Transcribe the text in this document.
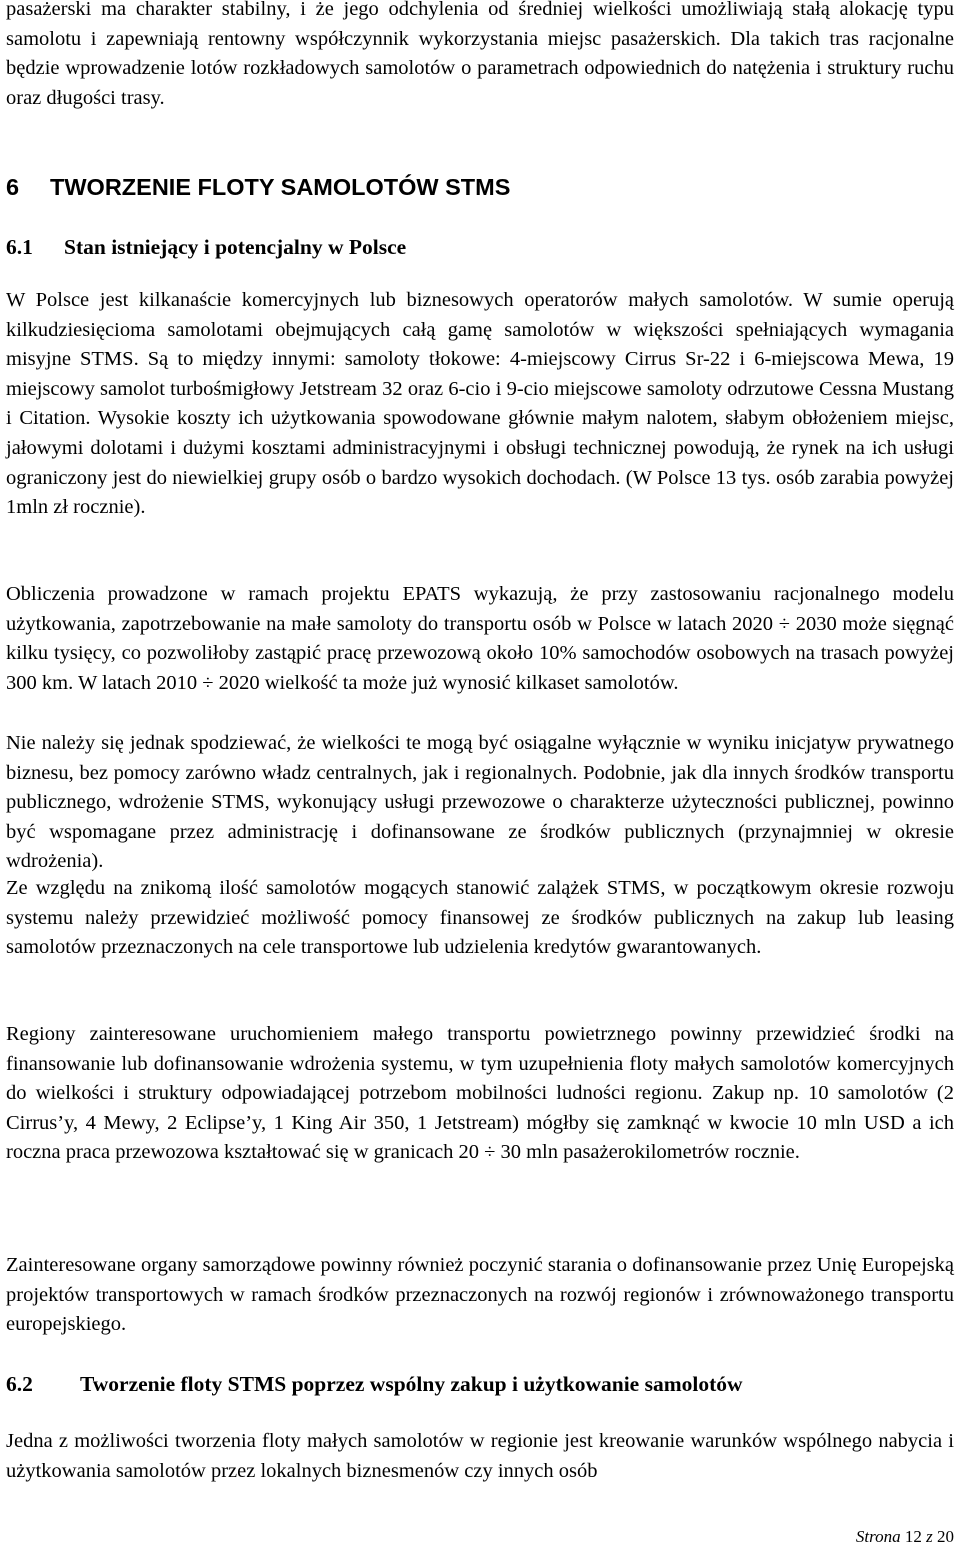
pasażerski ma charakter stabilny, i że jego odchylenia od średniej wielkości umożliwiają stałą alokację typu samolotu i zapewniają rentowny współczynnik wykorzystania miejsc pasażerskich. Dla takich tras racjonalne będzie wprowadzenie lotów rozkładowych samolotów o parametrach odpowiednich do natężenia i struktury ruchu oraz długości trasy.

6 TWORZENIE FLOTY SAMOLOTÓW STMS
6.1 Stan istniejący i potencjalny w Polsce

W Polsce jest kilkanaście komercyjnych lub biznesowych operatorów małych samolotów. W sumie operują kilkudziesięcioma samolotami obejmujących całą gamę samolotów w większości spełniających wymagania misyjne STMS. Są to między innymi: samoloty tłokowe: 4-miejscowy Cirrus Sr-22 i 6-miejscowa Mewa, 19 miejscowy samolot turbośmigłowy Jetstream 32 oraz 6-cio i 9-cio miejscowe samoloty odrzutowe Cessna Mustang i Citation. Wysokie koszty ich użytkowania spowodowane głównie małym nalotem, słabym obłożeniem miejsc, jałowymi dolotami i dużymi kosztami administracyjnymi i obsługi technicznej powodują, że rynek na ich usługi ograniczony jest do niewielkiej grupy osób o bardzo wysokich dochodach. (W Polsce 13 tys. osób zarabia powyżej 1mln zł rocznie).

Obliczenia prowadzone w ramach projektu EPATS wykazują, że przy zastosowaniu racjonalnego modelu użytkowania, zapotrzebowanie na małe samoloty do transportu osób w Polsce w latach 2020 ÷ 2030 może sięgnąć kilku tysięcy, co pozwoliłoby zastąpić pracę przewozową około 10% samochodów osobowych na trasach powyżej 300 km. W latach 2010 ÷ 2020 wielkość ta może już wynosić kilkaset samolotów.

Nie należy się jednak spodziewać, że wielkości te mogą być osiągalne wyłącznie w wyniku inicjatyw prywatnego biznesu, bez pomocy zarówno władz centralnych, jak i regionalnych. Podobnie, jak dla innych środków transportu publicznego, wdrożenie STMS, wykonujący usługi przewozowe o charakterze użyteczności publicznej, powinno być wspomagane przez administrację i dofinansowane ze środków publicznych (przynajmniej w okresie wdrożenia).

Ze względu na znikomą ilość samolotów mogących stanowić zalążek STMS, w początkowym okresie rozwoju systemu należy przewidzieć możliwość pomocy finansowej ze środków publicznych na zakup lub leasing samolotów przeznaczonych na cele transportowe lub udzielenia kredytów gwarantowanych.

Regiony zainteresowane uruchomieniem małego transportu powietrznego powinny przewidzieć środki na finansowanie lub dofinansowanie wdrożenia systemu, w tym uzupełnienia floty małych samolotów komercyjnych do wielkości i struktury odpowiadającej potrzebom mobilności ludności regionu. Zakup np. 10 samolotów (2 Cirrus’y, 4 Mewy, 2 Eclipse’y, 1 King Air 350, 1 Jetstream) mógłby się zamknąć w kwocie 10 mln USD a ich roczna praca przewozowa kształtować się w granicach 20 ÷ 30 mln pasażerokilometrów rocznie.

Zainteresowane organy samorządowe powinny również poczynić starania o dofinansowanie przez Unię Europejską projektów transportowych w ramach środków przeznaczonych na rozwój regionów i zrównoważonego transportu europejskiego.

6.2 Tworzenie floty STMS poprzez wspólny zakup i użytkowanie samolotów

Jedna z możliwości tworzenia floty małych samolotów w regionie jest kreowanie warunków wspólnego nabycia i użytkowania samolotów przez lokalnych biznesmenów czy innych osób

Strona 12 z 20
